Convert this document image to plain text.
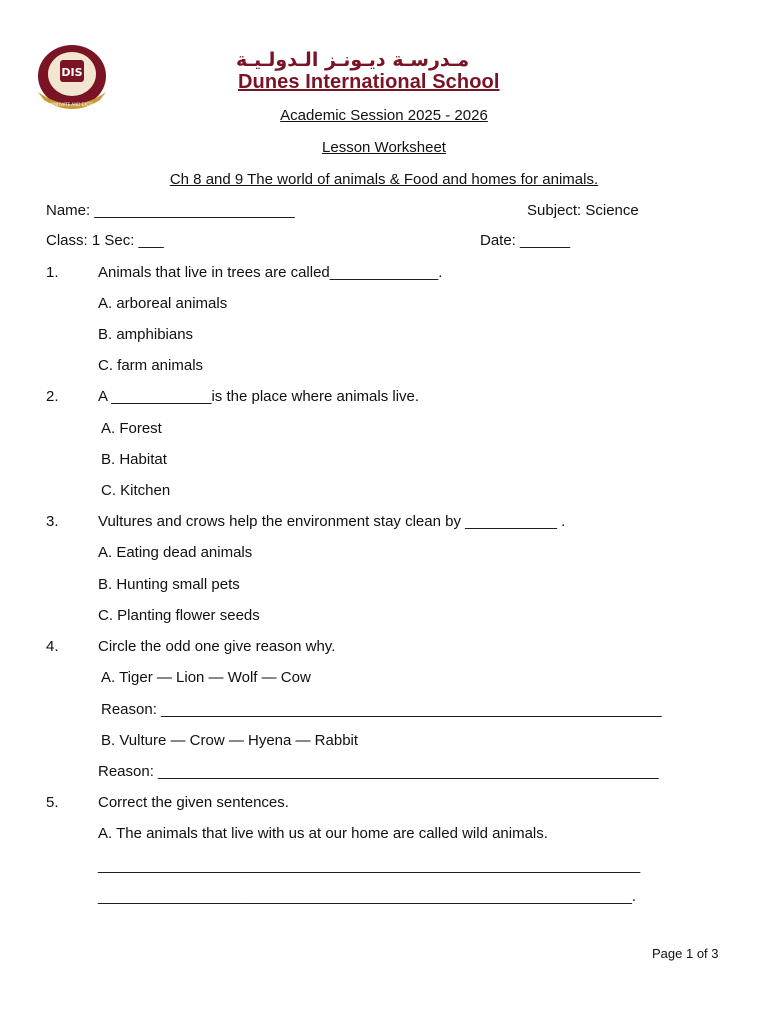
DIS
INNOVATE AND EXCEL
مـدرسـة ديـونـز الـدولـيـة
Dunes International School
Academic Session 2025 - 2026
Lesson Worksheet
Ch 8 and 9 The world of animals & Food and homes for animals.
Name: ________________________	Subject: Science
Class: 1 Sec: ___	Date: ______
1.	Animals that live in trees are called_____________.
A. arboreal animals
B. amphibians
C. farm animals
2.	A ____________is the place where animals live.
A. Forest
B. Habitat
C. Kitchen
3.	Vultures and crows help the environment stay clean by ___________ .
A. Eating dead animals
B. Hunting small pets
C. Planting flower seeds
4.	Circle the odd one give reason why.
A. Tiger — Lion — Wolf — Cow
Reason: ____________________________________________________________
B. Vulture — Crow — Hyena — Rabbit
Reason: ____________________________________________________________
5.	Correct the given sentences.
A. The animals that live with us at our home are called wild animals.
_________________________________________________________________
________________________________________________________________.
Page 1 of 3
